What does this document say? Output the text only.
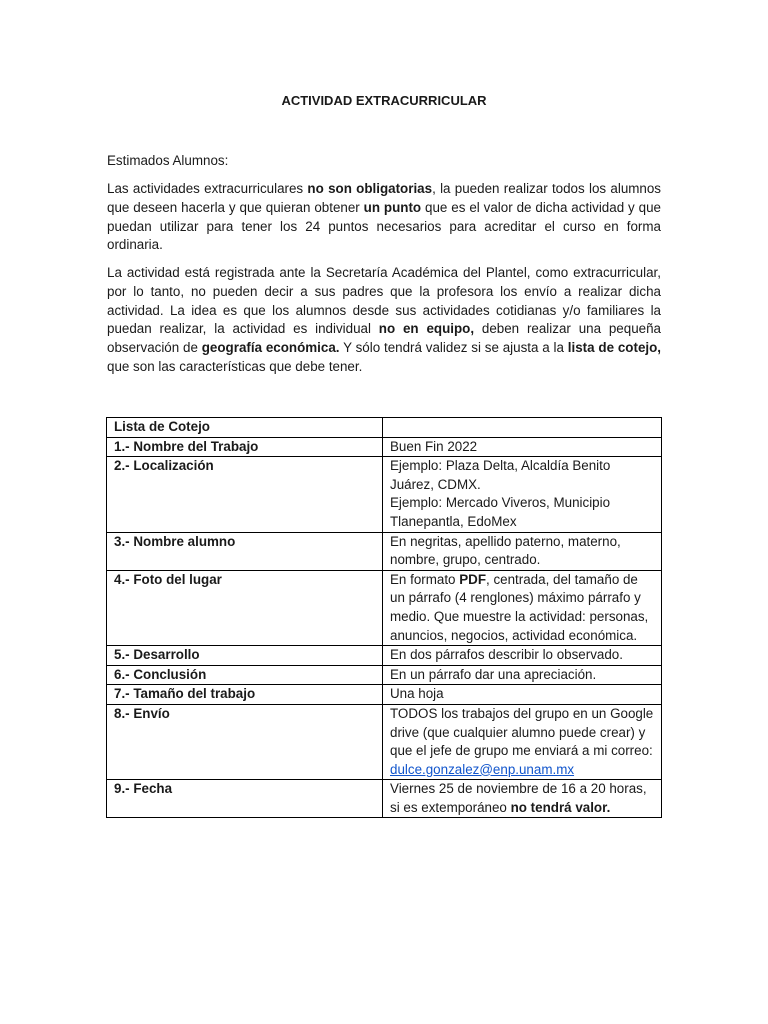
ACTIVIDAD EXTRACURRICULAR
Estimados Alumnos:

Las actividades extracurriculares no son obligatorias, la pueden realizar todos los alumnos que deseen hacerla y que quieran obtener un punto que es el valor de dicha actividad y que puedan utilizar para tener los 24 puntos necesarios para acreditar el curso en forma ordinaria.

La actividad está registrada ante la Secretaría Académica del Plantel, como extracurricular, por lo tanto, no pueden decir a sus padres que la profesora los envío a realizar dicha actividad. La idea es que los alumnos desde sus actividades cotidianas y/o familiares la puedan realizar, la actividad es individual no en equipo, deben realizar una pequeña observación de geografía económica. Y sólo tendrá validez si se ajusta a la lista de cotejo, que son las características que debe tener.

Lista de Cotejo	
1.- Nombre del Trabajo	Buen Fin 2022
2.- Localización	Ejemplo: Plaza Delta, Alcaldía Benito Juárez, CDMX.
Ejemplo: Mercado Viveros, Municipio Tlanepantla, EdoMex
3.- Nombre alumno	En negritas, apellido paterno, materno, nombre, grupo, centrado.
4.- Foto del lugar	En formato PDF, centrada, del tamaño de un párrafo (4 renglones) máximo párrafo y medio. Que muestre la actividad: personas, anuncios, negocios, actividad económica.
5.- Desarrollo	En dos párrafos describir lo observado.
6.- Conclusión	En un párrafo dar una apreciación.
7.- Tamaño del trabajo	Una hoja
8.- Envío	TODOS los trabajos del grupo en un Google drive (que cualquier alumno puede crear) y que el jefe de grupo me enviará a mi correo: dulce.gonzalez@enp.unam.mx
9.- Fecha	Viernes 25 de noviembre de 16 a 20 horas, si es extemporáneo no tendrá valor.
